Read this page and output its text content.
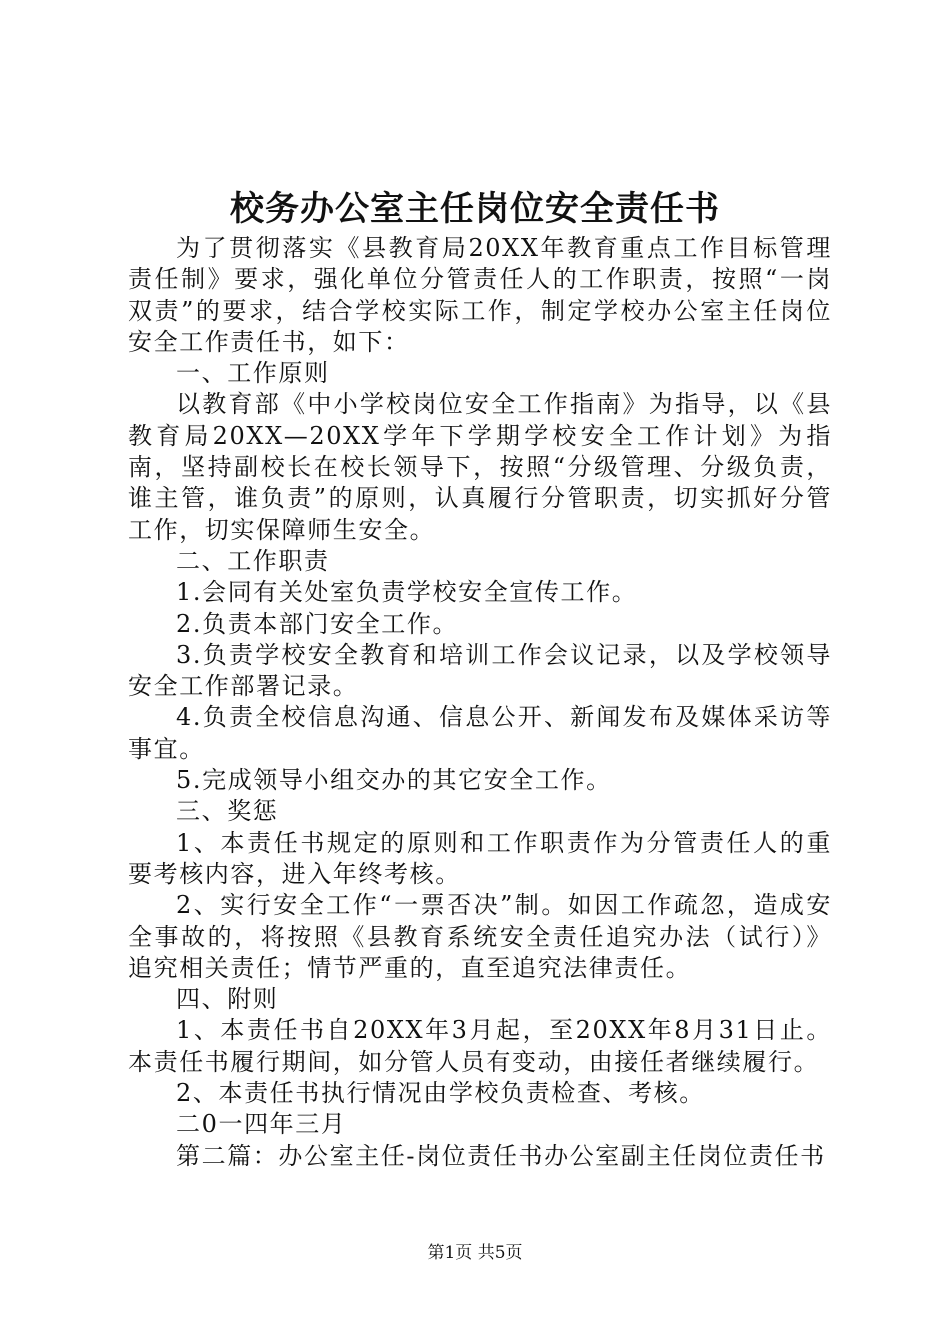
校务办公室主任岗位安全责任书

为了贯彻落实《县教育局20XX年教育重点工作目标管理责任制》要求，强化单位分管责任人的工作职责，按照“一岗双责”的要求，结合学校实际工作，制定学校办公室主任岗位安全工作责任书，如下：

一、工作原则

以教育部《中小学校岗位安全工作指南》为指导，以《县教育局20XX—20XX学年下学期学校安全工作计划》为指南，坚持副校长在校长领导下，按照“分级管理、分级负责，谁主管，谁负责”的原则，认真履行分管职责，切实抓好分管工作，切实保障师生安全。

二、工作职责

1.会同有关处室负责学校安全宣传工作。

2.负责本部门安全工作。

3.负责学校安全教育和培训工作会议记录，以及学校领导安全工作部署记录。

4.负责全校信息沟通、信息公开、新闻发布及媒体采访等事宜。

5.完成领导小组交办的其它安全工作。

三、奖惩

1、本责任书规定的原则和工作职责作为分管责任人的重要考核内容，进入年终考核。

2、实行安全工作“一票否决”制。如因工作疏忽，造成安全事故的，将按照《县教育系统安全责任追究办法（试行）》追究相关责任；情节严重的，直至追究法律责任。

四、附则

1、本责任书自20XX年3月起，至20XX年8月31日止。本责任书履行期间，如分管人员有变动，由接任者继续履行。

2、本责任书执行情况由学校负责检查、考核。

二0一四年三月

第二篇：办公室主任-岗位责任书办公室副主任岗位责任书

第1页 共5页
